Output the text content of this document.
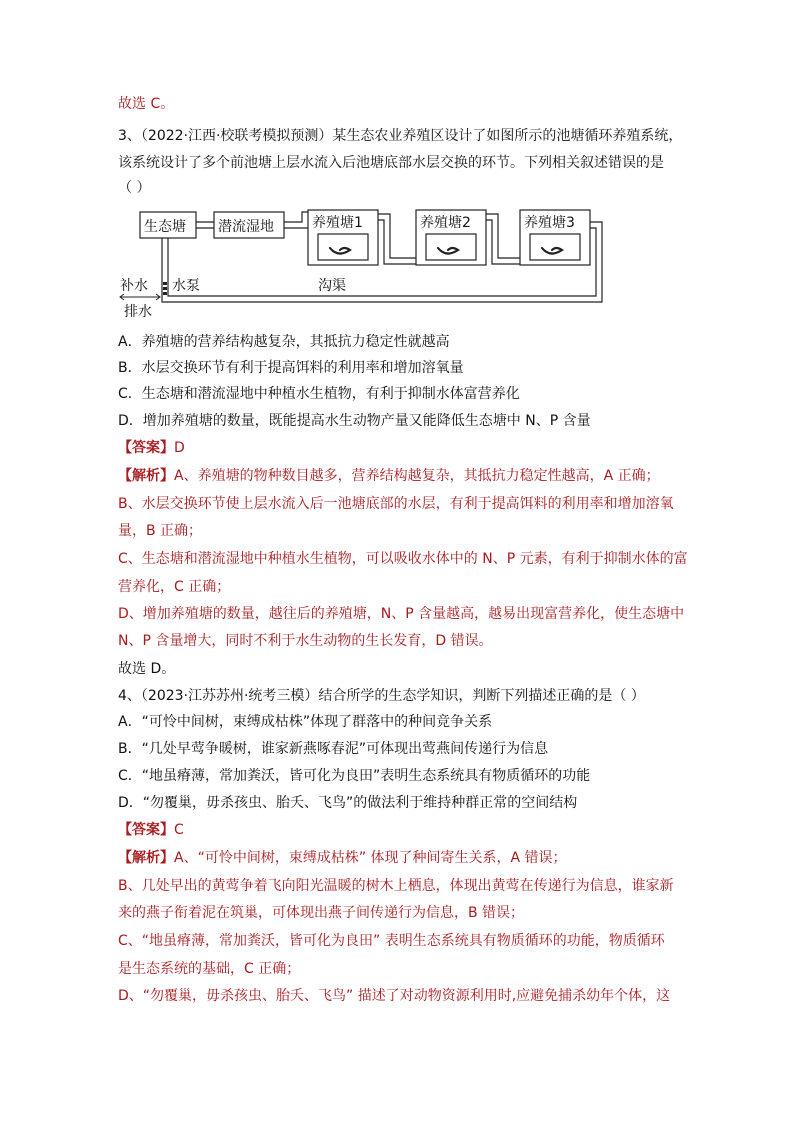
故选 C。
3、（2022·江西·校联考模拟预测）某生态农业养殖区设计了如图所示的池塘循环养殖系统，
该系统设计了多个前池塘上层水流入后池塘底部水层交换的环节。下列相关叙述错误的是
（ ）
生态塘 潜流湿地	养殖塘1	养殖塘2	养殖塘3
补水 水泵	沟渠
排水
A．养殖塘的营养结构越复杂，其抵抗力稳定性就越高
B．水层交换环节有利于提高饵料的利用率和增加溶氧量
C．生态塘和潜流湿地中种植水生植物，有利于抑制水体富营养化
D．增加养殖塘的数量，既能提高水生动物产量又能降低生态塘中 N、P 含量
【答案】D
【解析】A、养殖塘的物种数目越多，营养结构越复杂，其抵抗力稳定性越高，A 正确；
B、水层交换环节使上层水流入后一池塘底部的水层，有利于提高饵料的利用率和增加溶氧
量，B 正确；
C、生态塘和潜流湿地中种植水生植物，可以吸收水体中的 N、P 元素，有利于抑制水体的富
营养化，C 正确；
D、增加养殖塘的数量，越往后的养殖塘，N、P 含量越高，越易出现富营养化，使生态塘中
N、P 含量增大，同时不利于水生动物的生长发育，D 错误。
故选 D。
4、（2023·江苏苏州·统考三模）结合所学的生态学知识，判断下列描述正确的是（ ）
A．“可怜中间树，束缚成枯株”体现了群落中的种间竞争关系
B．“几处早莺争暖树，谁家新燕啄春泥”可体现出莺燕间传递行为信息
C．“地虽瘠薄，常加粪沃，皆可化为良田”表明生态系统具有物质循环的功能
D．“勿覆巢，毋杀孩虫、胎夭、飞鸟”的做法利于维持种群正常的空间结构
【答案】C
【解析】A、“可怜中间树，束缚成枯株” 体现了种间寄生关系，A 错误；
B、几处早出的黄莺争着飞向阳光温暖的树木上栖息，体现出黄莺在传递行为信息，谁家新
来的燕子衔着泥在筑巢，可体现出燕子间传递行为信息，B 错误；
C、“地虽瘠薄，常加粪沃，皆可化为良田” 表明生态系统具有物质循环的功能，物质循环
是生态系统的基础，C 正确；
D、“勿覆巢，毋杀孩虫、胎夭、飞鸟” 描述了对动物资源利用时,应避免捕杀幼年个体，这
